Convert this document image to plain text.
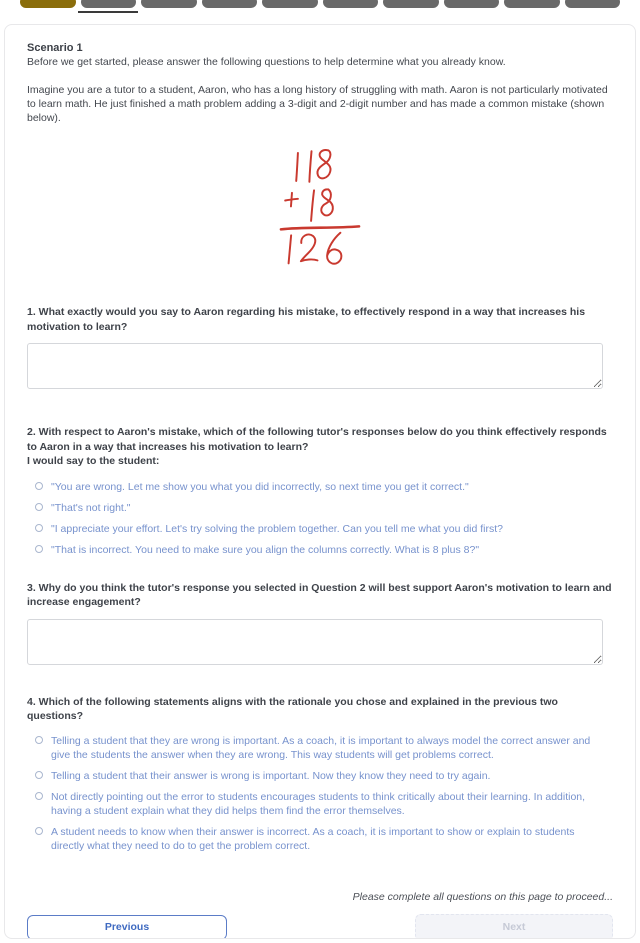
Scenario 1
Before we get started, please answer the following questions to help determine what you already know.
Imagine you are a tutor to a student, Aaron, who has a long history of struggling with math. Aaron is not particularly motivated to learn math. He just finished a math problem adding a 3-digit and 2-digit number and has made a common mistake (shown below).
1. What exactly would you say to Aaron regarding his mistake, to effectively respond in a way that increases his motivation to learn?
2. With respect to Aaron's mistake, which of the following tutor's responses below do you think effectively responds to Aaron in a way that increases his motivation to learn?
I would say to the student:
"You are wrong. Let me show you what you did incorrectly, so next time you get it correct."
"That's not right."
"I appreciate your effort. Let's try solving the problem together. Can you tell me what you did first?
"That is incorrect. You need to make sure you align the columns correctly. What is 8 plus 8?"
3. Why do you think the tutor's response you selected in Question 2 will best support Aaron's motivation to learn and increase engagement?
4. Which of the following statements aligns with the rationale you chose and explained in the previous two questions?
Telling a student that they are wrong is important. As a coach, it is important to always model the correct answer and give the students the answer when they are wrong. This way students will get problems correct.
Telling a student that their answer is wrong is important. Now they know they need to try again.
Not directly pointing out the error to students encourages students to think critically about their learning. In addition, having a student explain what they did helps them find the error themselves.
A student needs to know when their answer is incorrect. As a coach, it is important to show or explain to students directly what they need to do to get the problem correct.
Please complete all questions on this page to proceed...
Previous	Next
